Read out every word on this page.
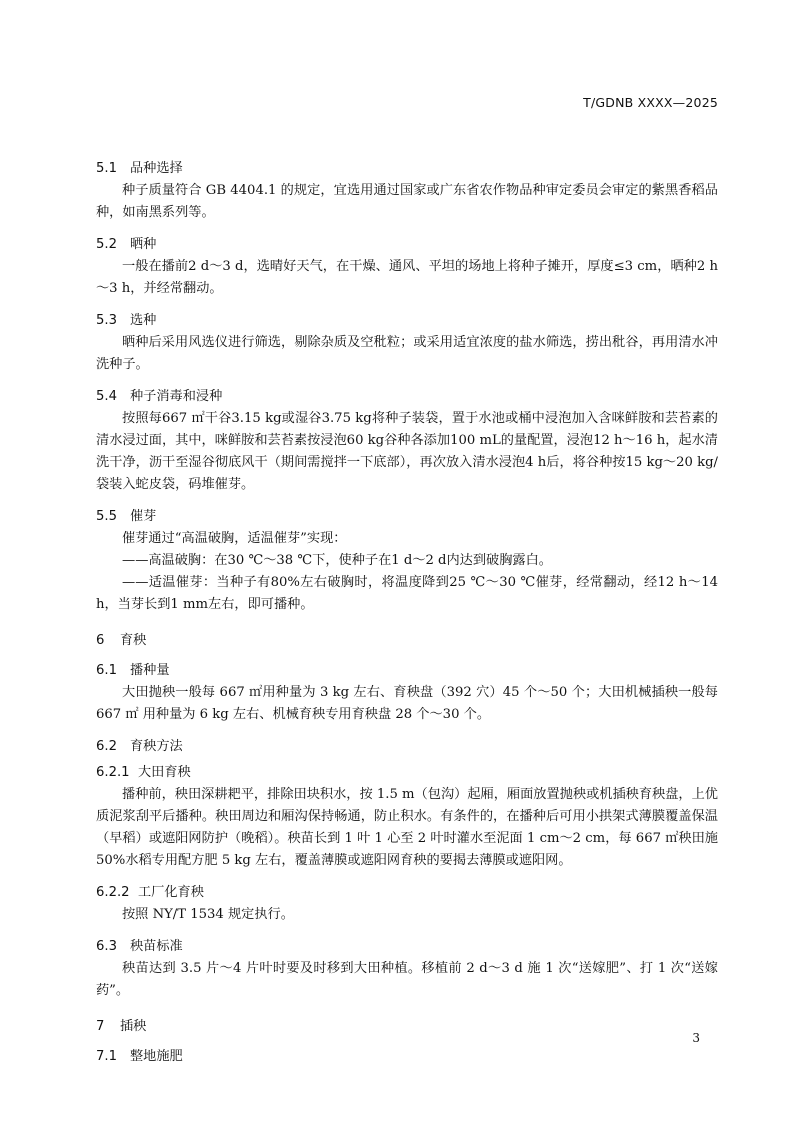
T/GDNB XXXX—2025
5.1 品种选择

种子质量符合 GB 4404.1 的规定，宜选用通过国家或广东省农作物品种审定委员会审定的紫黑香稻品种，如南黑系列等。

5.2 晒种

一般在播前2 d～3 d，选晴好天气，在干燥、通风、平坦的场地上将种子摊开，厚度≤3 cm，晒种2 h～3 h，并经常翻动。

5.3 选种

晒种后采用风选仪进行筛选，剔除杂质及空秕粒；或采用适宜浓度的盐水筛选，捞出秕谷，再用清水冲洗种子。

5.4 种子消毒和浸种

按照每667 ㎡干谷3.15 kg或湿谷3.75 kg将种子装袋，置于水池或桶中浸泡加入含咪鲜胺和芸苔素的清水浸过面，其中，咪鲜胺和芸苔素按浸泡60 kg谷种各添加100 mL的量配置，浸泡12 h～16 h，起水清洗干净，沥干至湿谷彻底风干（期间需搅拌一下底部），再次放入清水浸泡4 h后，将谷种按15 kg～20 kg/袋装入蛇皮袋，码堆催芽。

5.5 催芽

催芽通过“高温破胸，适温催芽”实现：

——高温破胸：在30 ℃～38 ℃下，使种子在1 d～2 d内达到破胸露白。

——适温催芽：当种子有80%左右破胸时，将温度降到25 ℃～30 ℃催芽，经常翻动，经12 h～14 h，当芽长到1 mm左右，即可播种。

6	育秧
6.1 播种量

大田抛秧一般每 667 ㎡用种量为 3 kg 左右、育秧盘（392 穴）45 个～50 个；大田机械插秧一般每 667 ㎡ 用种量为 6 kg 左右、机械育秧专用育秧盘 28 个～30 个。

6.2 育秧方法
6.2.1 大田育秧

播种前，秧田深耕耙平，排除田块积水，按 1.5 m（包沟）起厢，厢面放置抛秧或机插秧育秧盘，上优质泥浆刮平后播种。秧田周边和厢沟保持畅通，防止积水。有条件的，在播种后可用小拱架式薄膜覆盖保温（早稻）或遮阳网防护（晚稻）。秧苗长到 1 叶 1 心至 2 叶时灌水至泥面 1 cm～2 cm，每 667 ㎡秧田施 50%水稻专用配方肥 5 kg 左右，覆盖薄膜或遮阳网育秧的要揭去薄膜或遮阳网。

6.2.2 工厂化育秧

按照 NY/T 1534 规定执行。

6.3 秧苗标准

秧苗达到 3.5 片～4 片叶时要及时移到大田种植。移植前 2 d～3 d 施 1 次“送嫁肥”、打 1 次“送嫁药”。

7	插秧
7.1 整地施肥
3
